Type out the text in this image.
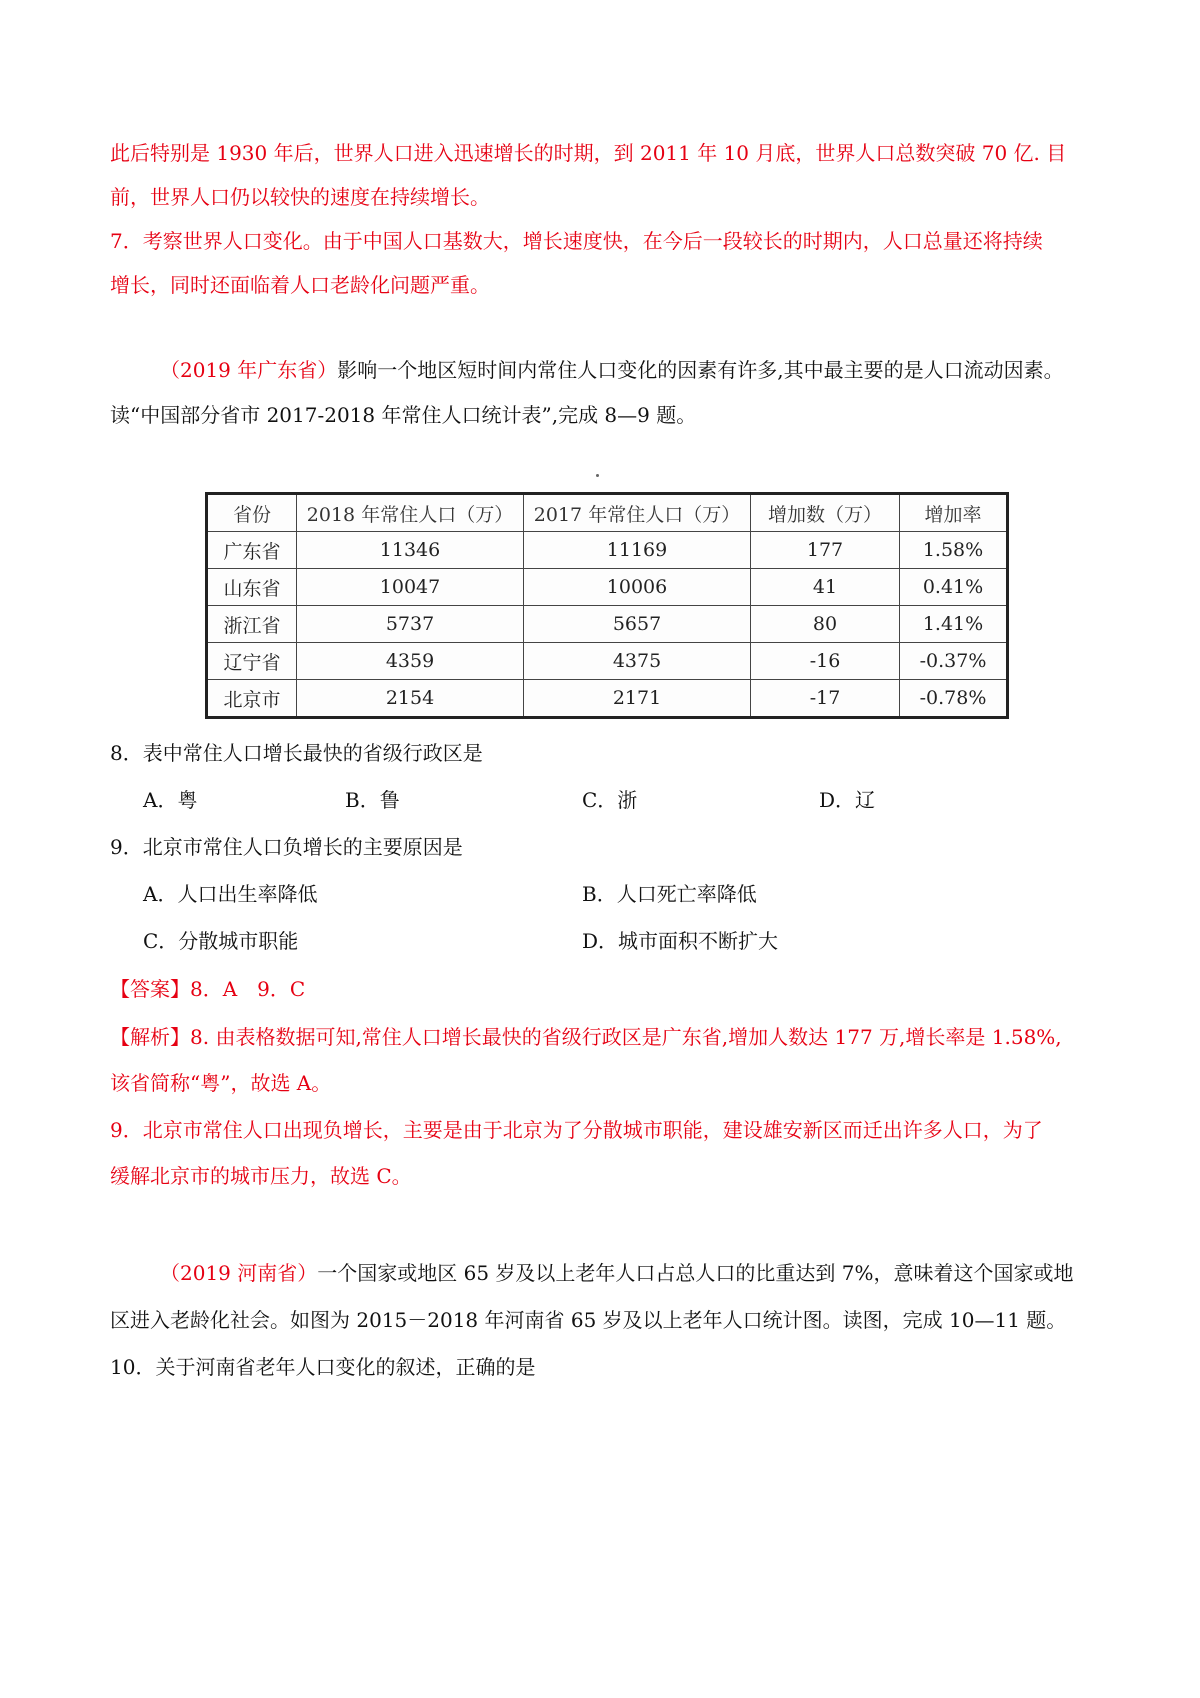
此后特别是 1930 年后，世界人口进入迅速增长的时期，到 2011 年 10 月底，世界人口总数突破 70 亿. 目
前，世界人口仍以较快的速度在持续增长。
7．考察世界人口变化。由于中国人口基数大，增长速度快，在今后一段较长的时期内，人口总量还将持续
增长，同时还面临着人口老龄化问题严重。
（2019 年广东省）影响一个地区短时间内常住人口变化的因素有许多,其中最主要的是人口流动因素。
读“中国部分省市 2017-2018 年常住人口统计表”,完成 8—9 题。
省份	2018 年常住人口（万）	2017 年常住人口（万）	增加数（万）	增加率
广东省	11346	11169	177	1.58%
山东省	10047	10006	41	0.41%
浙江省	5737	5657	80	1.41%
辽宁省	4359	4375	-16	-0.37%
北京市	2154	2171	-17	-0.78%
8．表中常住人口增长最快的省级行政区是
A．粤	B．鲁	C．浙	D．辽
9．北京市常住人口负增长的主要原因是
A．人口出生率降低	B．人口死亡率降低
C．分散城市职能	D．城市面积不断扩大
【答案】8．A　9．C
【解析】8. 由表格数据可知,常住人口增长最快的省级行政区是广东省,增加人数达 177 万,增长率是 1.58%,
该省简称“粤”，故选 A。
9．北京市常住人口出现负增长，主要是由于北京为了分散城市职能，建设雄安新区而迁出许多人口，为了
缓解北京市的城市压力，故选 C。
（2019 河南省）一个国家或地区 65 岁及以上老年人口占总人口的比重达到 7%，意味着这个国家或地
区进入老龄化社会。如图为 2015－2018 年河南省 65 岁及以上老年人口统计图。读图，完成 10—11 题。
10．关于河南省老年人口变化的叙述，正确的是
